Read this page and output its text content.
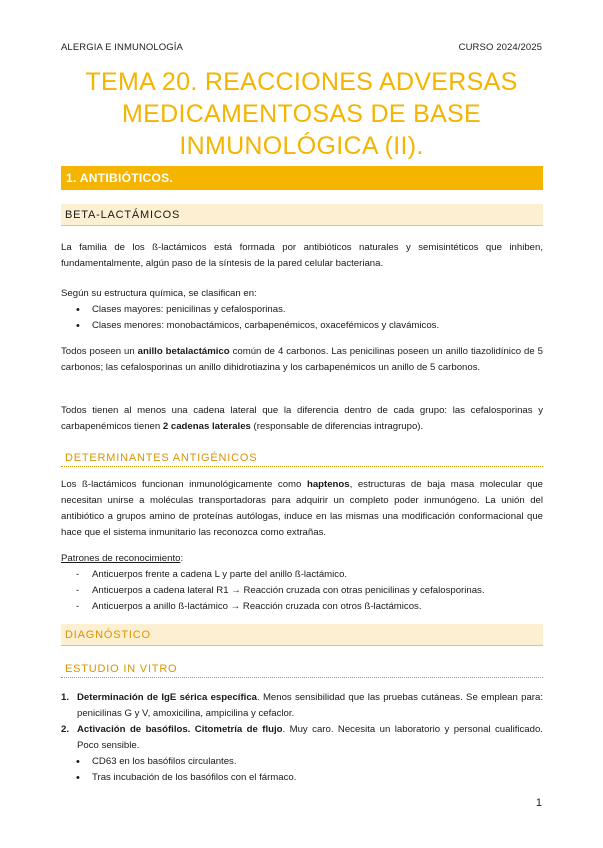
ALERGIA E INMUNOLOGÍA	CURSO 2024/2025
TEMA 20. REACCIONES ADVERSAS
MEDICAMENTOSAS DE BASE
INMUNOLÓGICA (II).
1. ANTIBIÓTICOS.
BETA-LACTÁMICOS
La familia de los ß-lactámicos está formada por antibióticos naturales y semisintéticos que inhiben, fundamentalmente, algún paso de la síntesis de la pared celular bacteriana.
Según su estructura química, se clasifican en:
• Clases mayores: penicilinas y cefalosporinas.
• Clases menores: monobactámicos, carbapenémicos, oxacefémicos y clavámicos.
Todos poseen un anillo betalactámico común de 4 carbonos. Las penicilinas poseen un anillo tiazolidínico de 5 carbonos; las cefalosporinas un anillo dihidrotiazina y los carbapenémicos un anillo de 5 carbonos.
Todos tienen al menos una cadena lateral que la diferencia dentro de cada grupo: las cefalosporinas y carbapenémicos tienen 2 cadenas laterales (responsable de diferencias intragrupo).
DETERMINANTES ANTIGÉNICOS
Los ß-lactámicos funcionan inmunológicamente como haptenos, estructuras de baja masa molecular que necesitan unirse a moléculas transportadoras para adquirir un completo poder inmunógeno. La unión del antibiótico a grupos amino de proteínas autólogas, induce en las mismas una modificación conformacional que hace que el sistema inmunitario las reconozca como extrañas.
Patrones de reconocimiento:
- Anticuerpos frente a cadena L y parte del anillo ß-lactámico.
- Anticuerpos a cadena lateral R1 → Reacción cruzada con otras penicilinas y cefalosporinas.
- Anticuerpos a anillo ß-lactámico → Reacción cruzada con otros ß-lactámicos.
DIAGNÓSTICO
ESTUDIO IN VITRO
1. Determinación de IgE sérica específica. Menos sensibilidad que las pruebas cutáneas. Se emplean para: penicilinas G y V, amoxicilina, ampicilina y cefaclor.
2. Activación de basófilos. Citometría de flujo. Muy caro. Necesita un laboratorio y personal cualificado. Poco sensible.
• CD63 en los basófilos circulantes.
• Tras incubación de los basófilos con el fármaco.
1
